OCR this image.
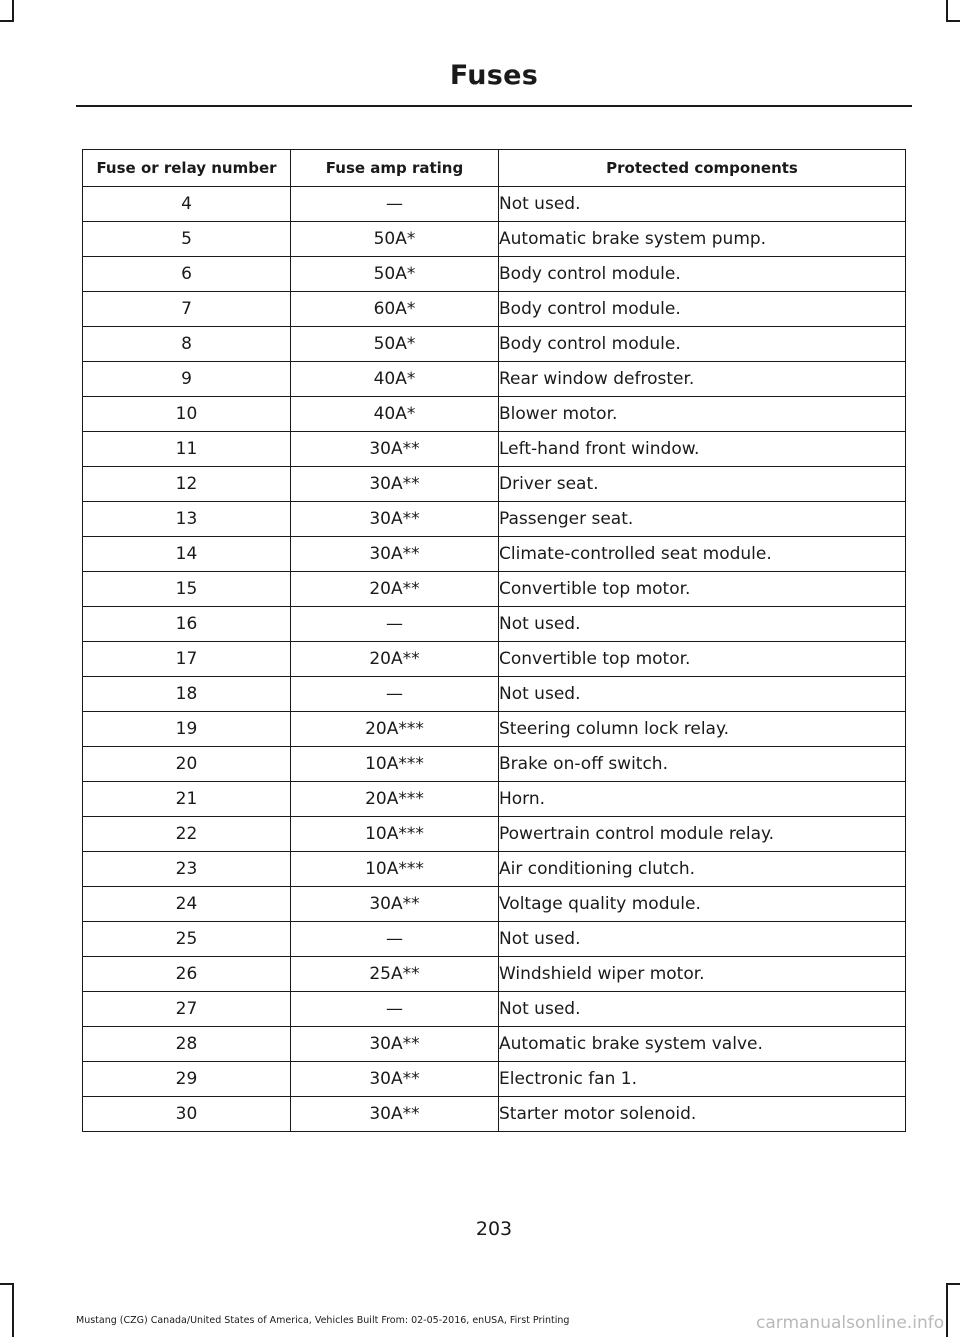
Fuses
Fuse or relay number	Fuse amp rating	Protected components
4	—	Not used.
5	50A*	Automatic brake system pump.
6	50A*	Body control module.
7	60A*	Body control module.
8	50A*	Body control module.
9	40A*	Rear window defroster.
10	40A*	Blower motor.
11	30A**	Left-hand front window.
12	30A**	Driver seat.
13	30A**	Passenger seat.
14	30A**	Climate-controlled seat module.
15	20A**	Convertible top motor.
16	—	Not used.
17	20A**	Convertible top motor.
18	—	Not used.
19	20A***	Steering column lock relay.
20	10A***	Brake on-off switch.
21	20A***	Horn.
22	10A***	Powertrain control module relay.
23	10A***	Air conditioning clutch.
24	30A**	Voltage quality module.
25	—	Not used.
26	25A**	Windshield wiper motor.
27	—	Not used.
28	30A**	Automatic brake system valve.
29	30A**	Electronic fan 1.
30	30A**	Starter motor solenoid.
203
Mustang (CZG) Canada/United States of America, Vehicles Built From: 02-05-2016, enUSA, First Printing	carmanualsonline.info
